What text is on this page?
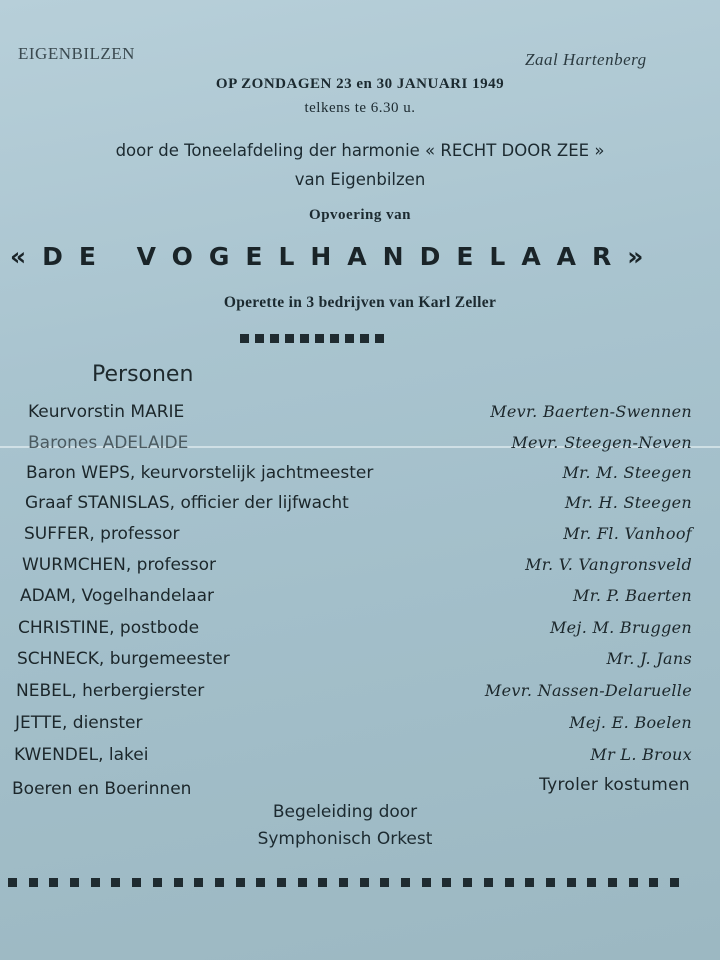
EIGENBILZEN	Zaal Hartenberg
OP ZONDAGEN 23 en 30 JANUARI 1949
telkens te 6.30 u.
door de Toneelafdeling der harmonie « RECHT DOOR ZEE »
van Eigenbilzen
Opvoering van
«DE VOGELHANDELAAR»
Operette in 3 bedrijven van Karl Zeller
Personen
Keurvorstin MARIE	Mevr. Baerten-Swennen
Barones ADELAIDE	Mevr. Steegen-Neven
Baron WEPS, keurvorstelijk jachtmeester	Mr. M. Steegen
Graaf STANISLAS, officier der lijfwacht	Mr. H. Steegen
SUFFER, professor	Mr. Fl. Vanhoof
WURMCHEN, professor	Mr. V. Vangronsveld
ADAM, Vogelhandelaar	Mr. P. Baerten
CHRISTINE, postbode	Mej. M. Bruggen
SCHNECK, burgemeester	Mr. J. Jans
NEBEL, herbergierster	Mevr. Nassen-Delaruelle
JETTE, dienster	Mej. E. Boelen
KWENDEL, lakei	Mr L. Broux
Boeren en Boerinnen	Tyroler kostumen
Begeleiding door
Symphonisch Orkest
